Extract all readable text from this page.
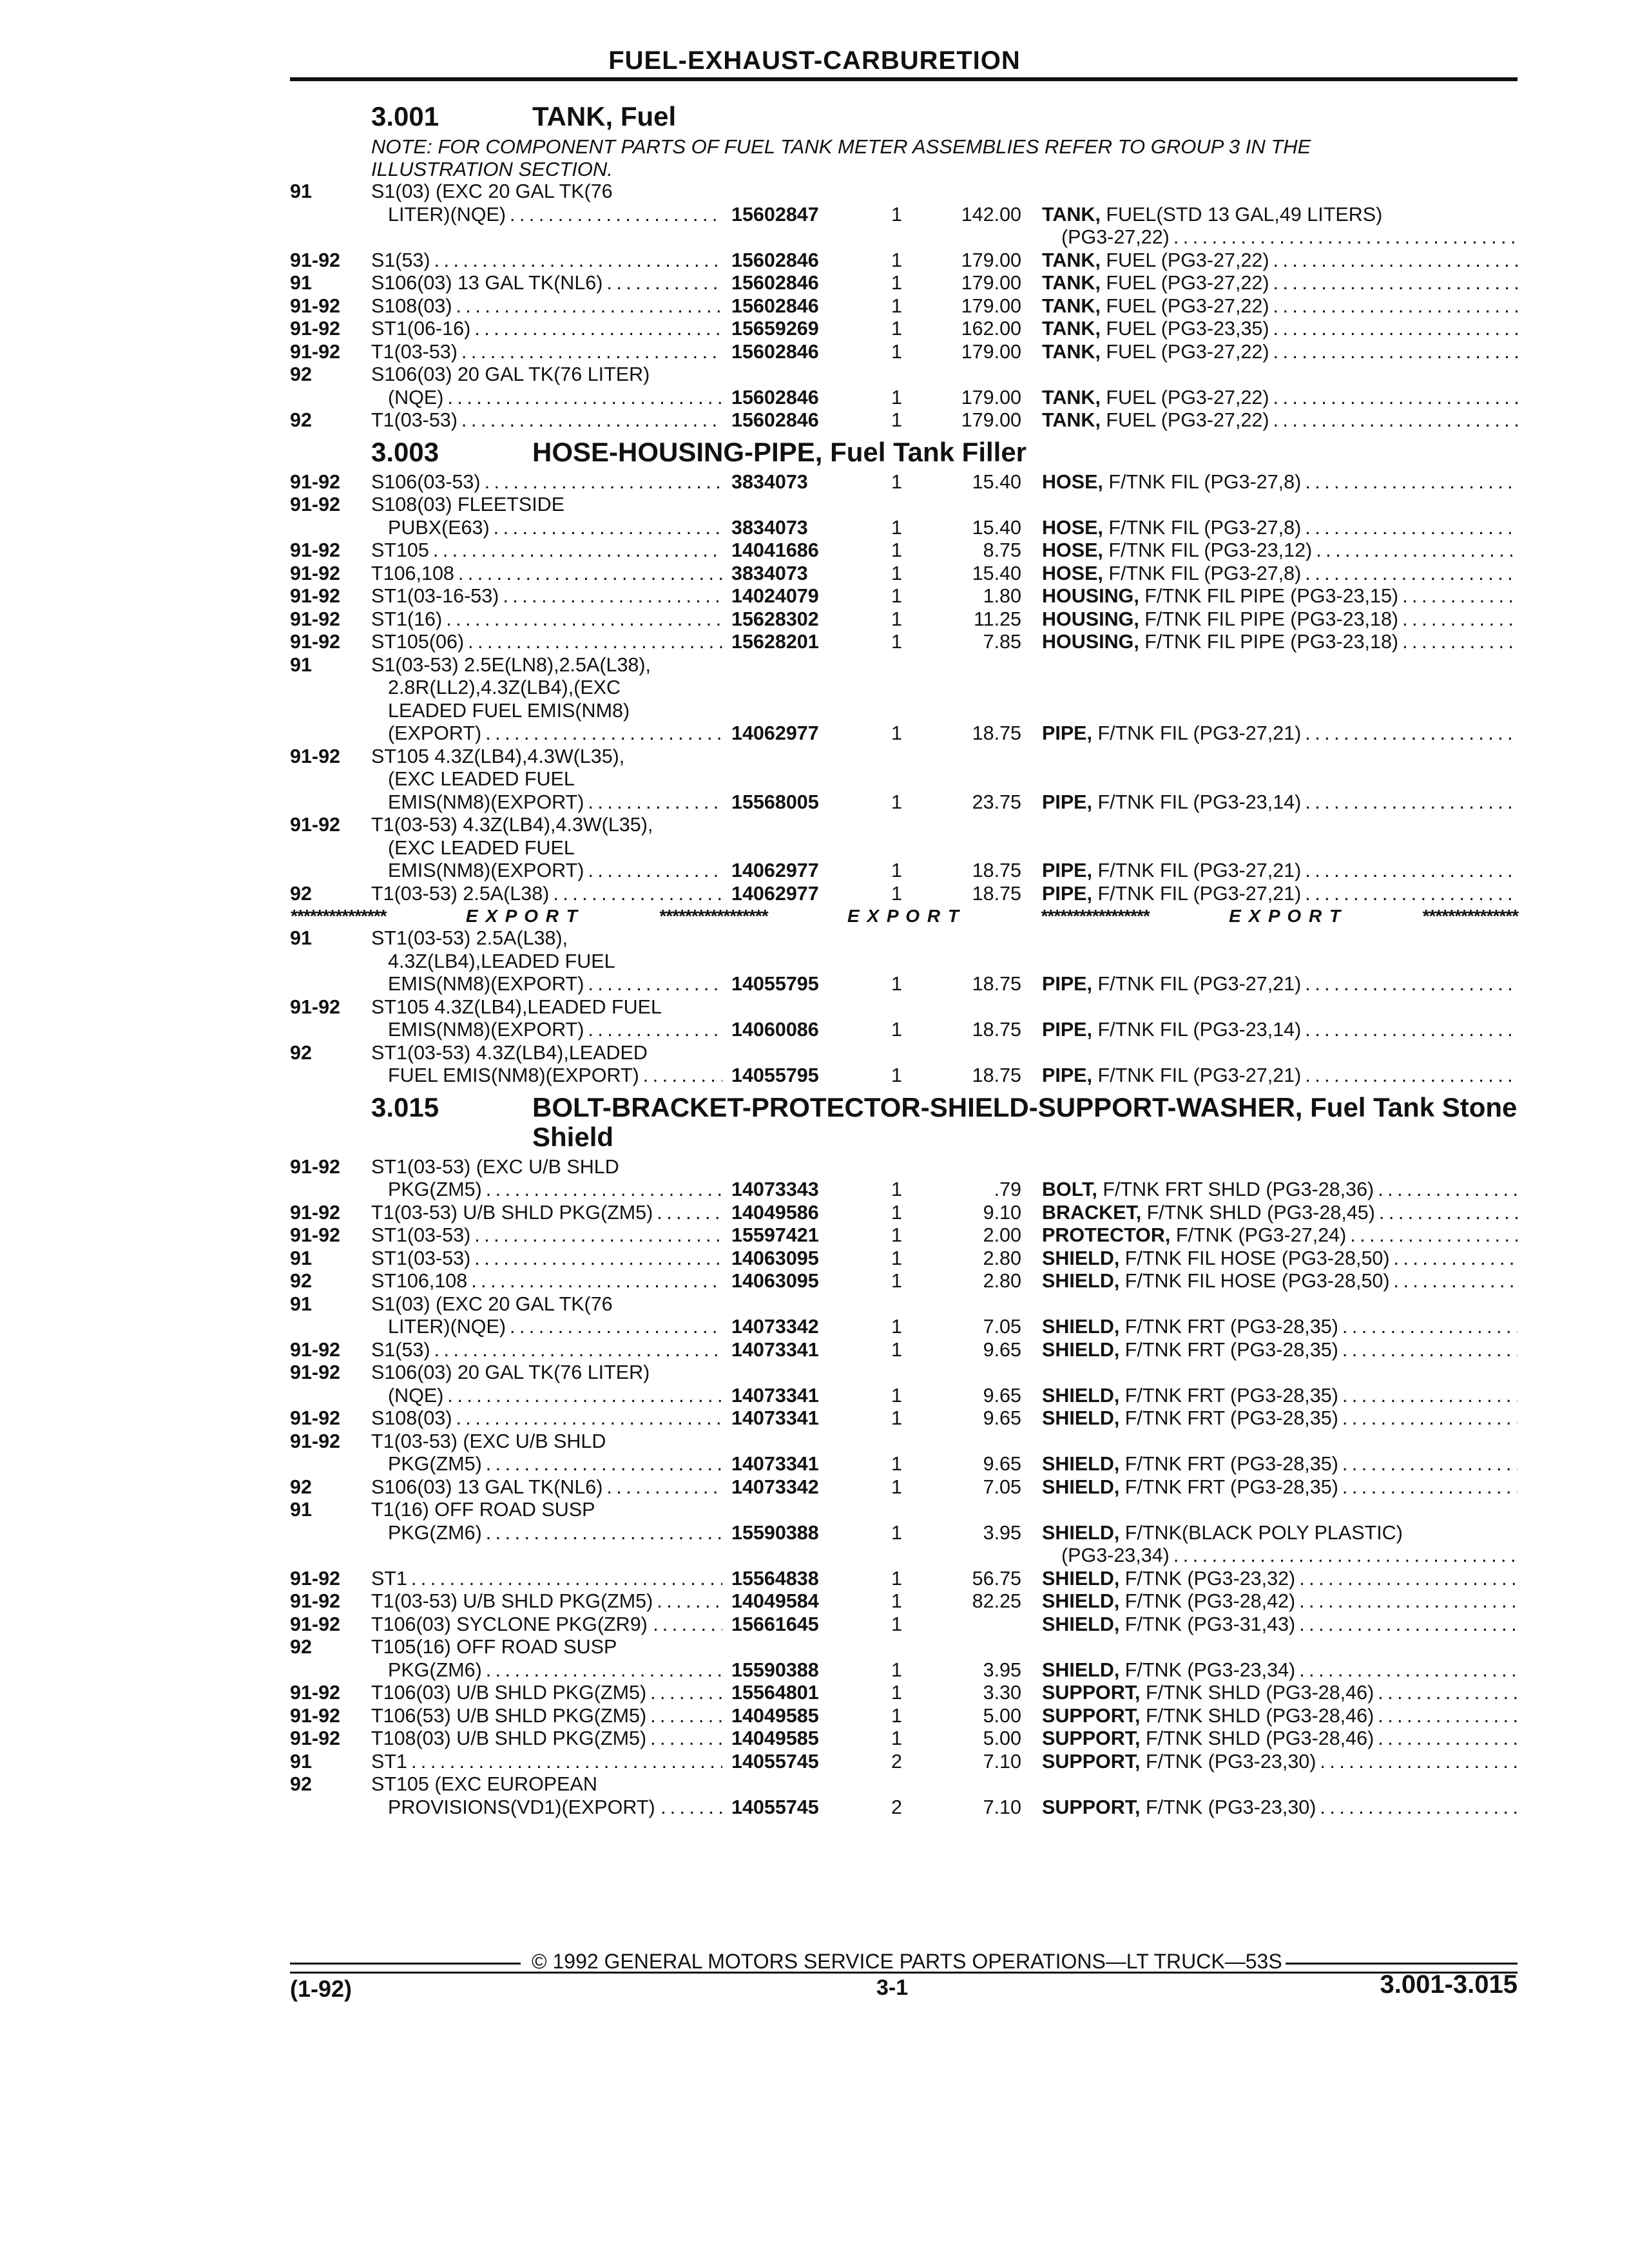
FUEL-EXHAUST-CARBURETION
3.001	TANK, Fuel
NOTE: FOR COMPONENT PARTS OF FUEL TANK METER ASSEMBLIES REFER TO GROUP 3 IN THE ILLUSTRATION SECTION.
91	S1(03) (EXC 20 GAL TK(76
LITER)(NQE) . . .	15602847	1	142.00 TANK, FUEL(STD 13 GAL,49 LITERS)
(PG3-27,22)
. . .
91-92	S1(53) . . .	15602846	1	179.00 TANK, FUEL (PG3-27,22)
. . .
91	S106(03) 13 GAL TK(NL6) . . .	15602846	1	179.00 TANK, FUEL (PG3-27,22)
. . .
91-92	S108(03) . . .	15602846	1	179.00 TANK, FUEL (PG3-27,22)
. . .
91-92	ST1(06-16) . . .	15659269	1	162.00 TANK, FUEL (PG3-23,35)
. . .
91-92	T1(03-53) . . .	15602846	1	179.00 TANK, FUEL (PG3-27,22)
. . .
92	S106(03) 20 GAL TK(76 LITER)
(NQE) . . .	15602846	1	179.00 TANK, FUEL (PG3-27,22)
. . .
92	T1(03-53) . . .	15602846	1	179.00 TANK, FUEL (PG3-27,22)
. . .
3.003	HOSE-HOUSING-PIPE, Fuel Tank Filler
91-92	S106(03-53) . . .	3834073	1	15.40 HOSE, F/TNK FIL (PG3-27,8)
. . .
91-92	S108(03) FLEETSIDE
PUBX(E63) . . .	3834073	1	15.40 HOSE, F/TNK FIL (PG3-27,8)
. . .
91-92	ST105 . . .	14041686	1	8.75 HOSE, F/TNK FIL (PG3-23,12)
. . .
91-92	T106,108 . . .	3834073	1	15.40 HOSE, F/TNK FIL (PG3-27,8)
. . .
91-92	ST1(03-16-53) . . .	14024079	1	1.80 HOUSING, F/TNK FIL PIPE (PG3-23,15)
. . .
91-92	ST1(16) . . .	15628302	1	11.25 HOUSING, F/TNK FIL PIPE (PG3-23,18)
. . .
91-92	ST105(06) . . .	15628201	1	7.85 HOUSING, F/TNK FIL PIPE (PG3-23,18)
. . .
91	S1(03-53) 2.5E(LN8),2.5A(L38),
2.8R(LL2),4.3Z(LB4),(EXC
LEADED FUEL EMIS(NM8)
(EXPORT) . . .	14062977	1	18.75 PIPE, F/TNK FIL (PG3-27,21)
. . .
91-92	ST105 4.3Z(LB4),4.3W(L35),
(EXC LEADED FUEL
EMIS(NM8)(EXPORT) . . .	15568005	1	23.75 PIPE, F/TNK FIL (PG3-23,14)
. . .
91-92	T1(03-53) 4.3Z(LB4),4.3W(L35),
(EXC LEADED FUEL
EMIS(NM8)(EXPORT) . . .	14062977	1	18.75 PIPE, F/TNK FIL (PG3-27,21)
. . .
92	T1(03-53) 2.5A(L38) . . .	14062977	1	18.75 PIPE, F/TNK FIL (PG3-27,21)
. . .
***************	E X P O R T	*****************	E X P O R T	*****************	E X P O R T	***************
91	ST1(03-53) 2.5A(L38),
4.3Z(LB4),LEADED FUEL
EMIS(NM8)(EXPORT) . . .	14055795	1	18.75 PIPE, F/TNK FIL (PG3-27,21)
. . .
91-92	ST105 4.3Z(LB4),LEADED FUEL
EMIS(NM8)(EXPORT) . . .	14060086	1	18.75 PIPE, F/TNK FIL (PG3-23,14)
. . .
92	ST1(03-53) 4.3Z(LB4),LEADED
FUEL EMIS(NM8)(EXPORT) . . .	14055795	1	18.75 PIPE, F/TNK FIL (PG3-27,21)
. . .
3.015	BOLT-BRACKET-PROTECTOR-SHIELD-SUPPORT-WASHER, Fuel Tank Stone Shield
91-92	ST1(03-53) (EXC U/B SHLD
PKG(ZM5) . . .	14073343	1	.79 BOLT, F/TNK FRT SHLD (PG3-28,36)
. . .
91-92	T1(03-53) U/B SHLD PKG(ZM5) . . .	14049586	1	9.10 BRACKET, F/TNK SHLD (PG3-28,45)
. . .
91-92	ST1(03-53) . . .	15597421	1	2.00 PROTECTOR, F/TNK (PG3-27,24)
. . .
91	ST1(03-53) . . .	14063095	1	2.80 SHIELD, F/TNK FIL HOSE (PG3-28,50)
. . .
92	ST106,108 . . .	14063095	1	2.80 SHIELD, F/TNK FIL HOSE (PG3-28,50)
. . .
91	S1(03) (EXC 20 GAL TK(76
LITER)(NQE) . . .	14073342	1	7.05 SHIELD, F/TNK FRT (PG3-28,35)
. . .
91-92	S1(53) . . .	14073341	1	9.65 SHIELD, F/TNK FRT (PG3-28,35)
. . .
91-92	S106(03) 20 GAL TK(76 LITER)
(NQE) . . .	14073341	1	9.65 SHIELD, F/TNK FRT (PG3-28,35)
. . .
91-92	S108(03) . . .	14073341	1	9.65 SHIELD, F/TNK FRT (PG3-28,35)
. . .
91-92	T1(03-53) (EXC U/B SHLD
PKG(ZM5) . . .	14073341	1	9.65 SHIELD, F/TNK FRT (PG3-28,35)
. . .
92	S106(03) 13 GAL TK(NL6) . . .	14073342	1	7.05 SHIELD, F/TNK FRT (PG3-28,35)
. . .
91	T1(16) OFF ROAD SUSP
PKG(ZM6) . . .	15590388	1	3.95 SHIELD, F/TNK(BLACK POLY PLASTIC)
(PG3-23,34)
. . .
91-92	ST1 . . .	15564838	1	56.75 SHIELD, F/TNK (PG3-23,32)
. . .
91-92	T1(03-53) U/B SHLD PKG(ZM5) . . .	14049584	1	82.25 SHIELD, F/TNK (PG3-28,42)
. . .
91-92	T106(03) SYCLONE PKG(ZR9) . . . .	15661645	1	SHIELD, F/TNK (PG3-31,43)
. . .
92	T105(16) OFF ROAD SUSP
PKG(ZM6) . . .	15590388	1	3.95 SHIELD, F/TNK (PG3-23,34)
. . .
91-92	T106(03) U/B SHLD PKG(ZM5) . . .	15564801	1	3.30 SUPPORT, F/TNK SHLD (PG3-28,46)
. . .
91-92	T106(53) U/B SHLD PKG(ZM5) . . .	14049585	1	5.00 SUPPORT, F/TNK SHLD (PG3-28,46)
. . .
91-92	T108(03) U/B SHLD PKG(ZM5) . . .	14049585	1	5.00 SUPPORT, F/TNK SHLD (PG3-28,46)
. . .
91	ST1 . . .	14055745	2	7.10 SUPPORT, F/TNK (PG3-23,30)
. . .
92	ST105 (EXC EUROPEAN
PROVISIONS(VD1)(EXPORT) . . . .	14055745	2	7.10 SUPPORT, F/TNK (PG3-23,30)
. . .
© 1992 GENERAL MOTORS SERVICE PARTS OPERATIONS—LT TRUCK—53S
(1-92)	3-1	3.001-3.015
